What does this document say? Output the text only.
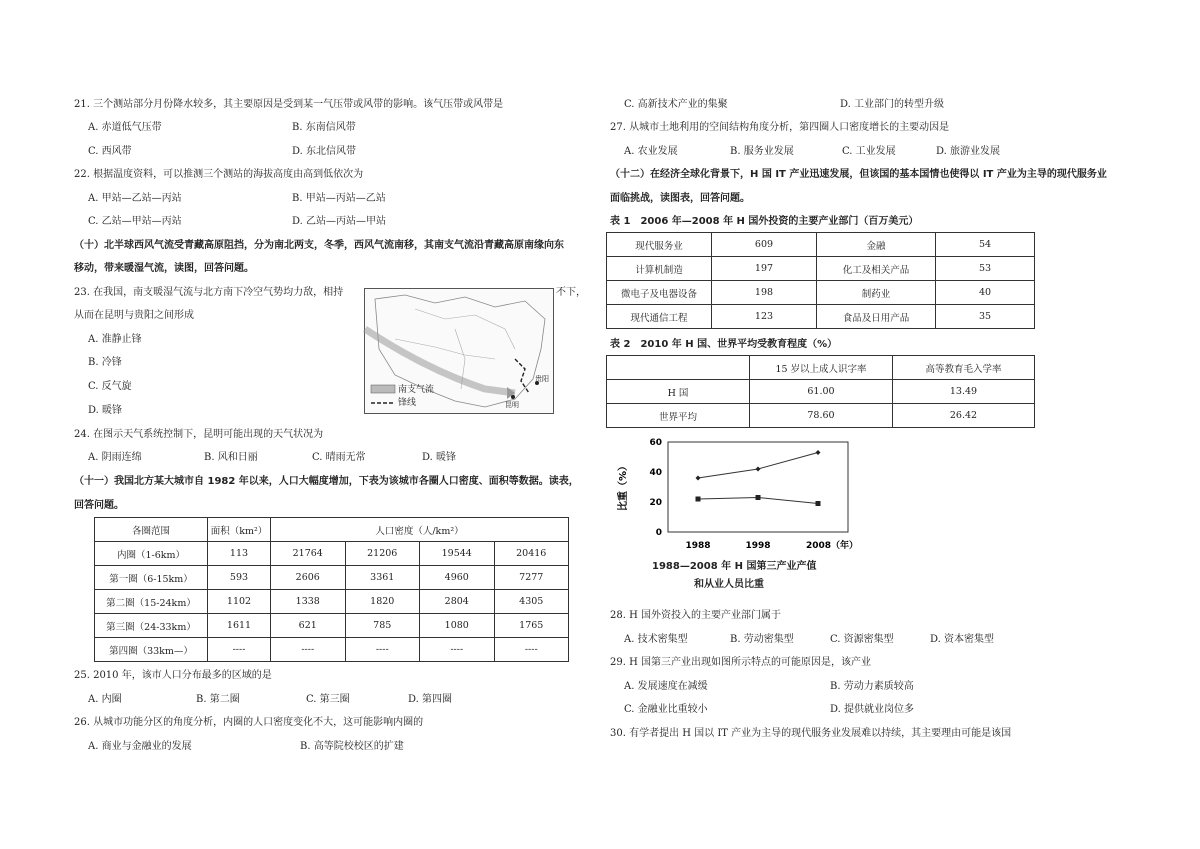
21. 三个测站部分月份降水较多，其主要原因是受到某一气压带或风带的影响。该气压带或风带是
A. 赤道低气压带	B. 东南信风带
C. 西风带	D. 东北信风带
22. 根据温度资料，可以推测三个测站的海拔高度由高到低依次为
A. 甲站—乙站—丙站	B. 甲站—丙站—乙站
C. 乙站—甲站—丙站	D. 乙站—丙站—甲站
（十）北半球西风气流受青藏高原阻挡，分为南北两支，冬季，西风气流南移，其南支气流沿青藏高原南缘向东
移动，带来暖湿气流，读图，回答问题。
23. 在我国，南支暖湿气流与北方南下冷空气势均力敌，相持	不下，
从而在昆明与贵阳之间形成
A. 准静止锋
B. 冷锋
C. 反气旋
D. 暖锋
南支气流
锋线	昆明
贵阳
24. 在图示天气系统控制下，昆明可能出现的天气状况为
A. 阴雨连绵	B. 风和日丽	C. 晴雨无常	D. 暖锋
（十一）我国北方某大城市自 1982 年以来，人口大幅度增加，下表为该城市各圈人口密度、面积等数据。读表，
回答问题。
各圈范围	面积（km²）	人口密度（人/km²）			
内圈（1-6km）	113	21764	21206	19544	20416
第一圈（6-15km）	593	2606	3361	4960	7277
第二圈（15-24km）	1102	1338	1820	2804	4305
第三圈（24-33km）	1611	621	785	1080	1765
第四圈（33km—）	----	----	----	----	----
25. 2010 年，该市人口分布最多的区域的是
A. 内圈	B. 第二圈	C. 第三圈	D. 第四圈
26. 从城市功能分区的角度分析，内圈的人口密度变化不大，这可能影响内圈的
A. 商业与金融业的发展	B. 高等院校校区的扩建
C. 高新技术产业的集聚	D. 工业部门的转型升级
27. 从城市土地利用的空间结构角度分析，第四圈人口密度增长的主要动因是
A. 农业发展	B. 服务业发展	C. 工业发展	D. 旅游业发展
（十二）在经济全球化背景下，H 国 IT 产业迅速发展，但该国的基本国情也使得以 IT 产业为主导的现代服务业
面临挑战，读图表，回答问题。
表 1　2006 年—2008 年 H 国外投资的主要产业部门（百万美元）
现代服务业	609	金融	54
计算机制造	197	化工及相关产品	53
微电子及电器设备	198	制药业	40
现代通信工程	123	食品及日用产品	35
表 2　2010 年 H 国、世界平均受教育程度（%）
	15 岁以上成人识字率	高等教育毛入学率
H 国	61.00	13.49
世界平均	78.60	26.42
0
20
40
60
1988	1998	2008（年）
比重（%）
1988—2008 年 H 国第三产业产值
和从业人员比重
28. H 国外资投入的主要产业部门属于
A. 技术密集型	B. 劳动密集型	C. 资源密集型	D. 资本密集型
29. H 国第三产业出现如图所示特点的可能原因是，该产业
A. 发展速度在减缓	B. 劳动力素质较高
C. 金融业比重较小	D. 提供就业岗位多
30. 有学者提出 H 国以 IT 产业为主导的现代服务业发展难以持续，其主要理由可能是该国
